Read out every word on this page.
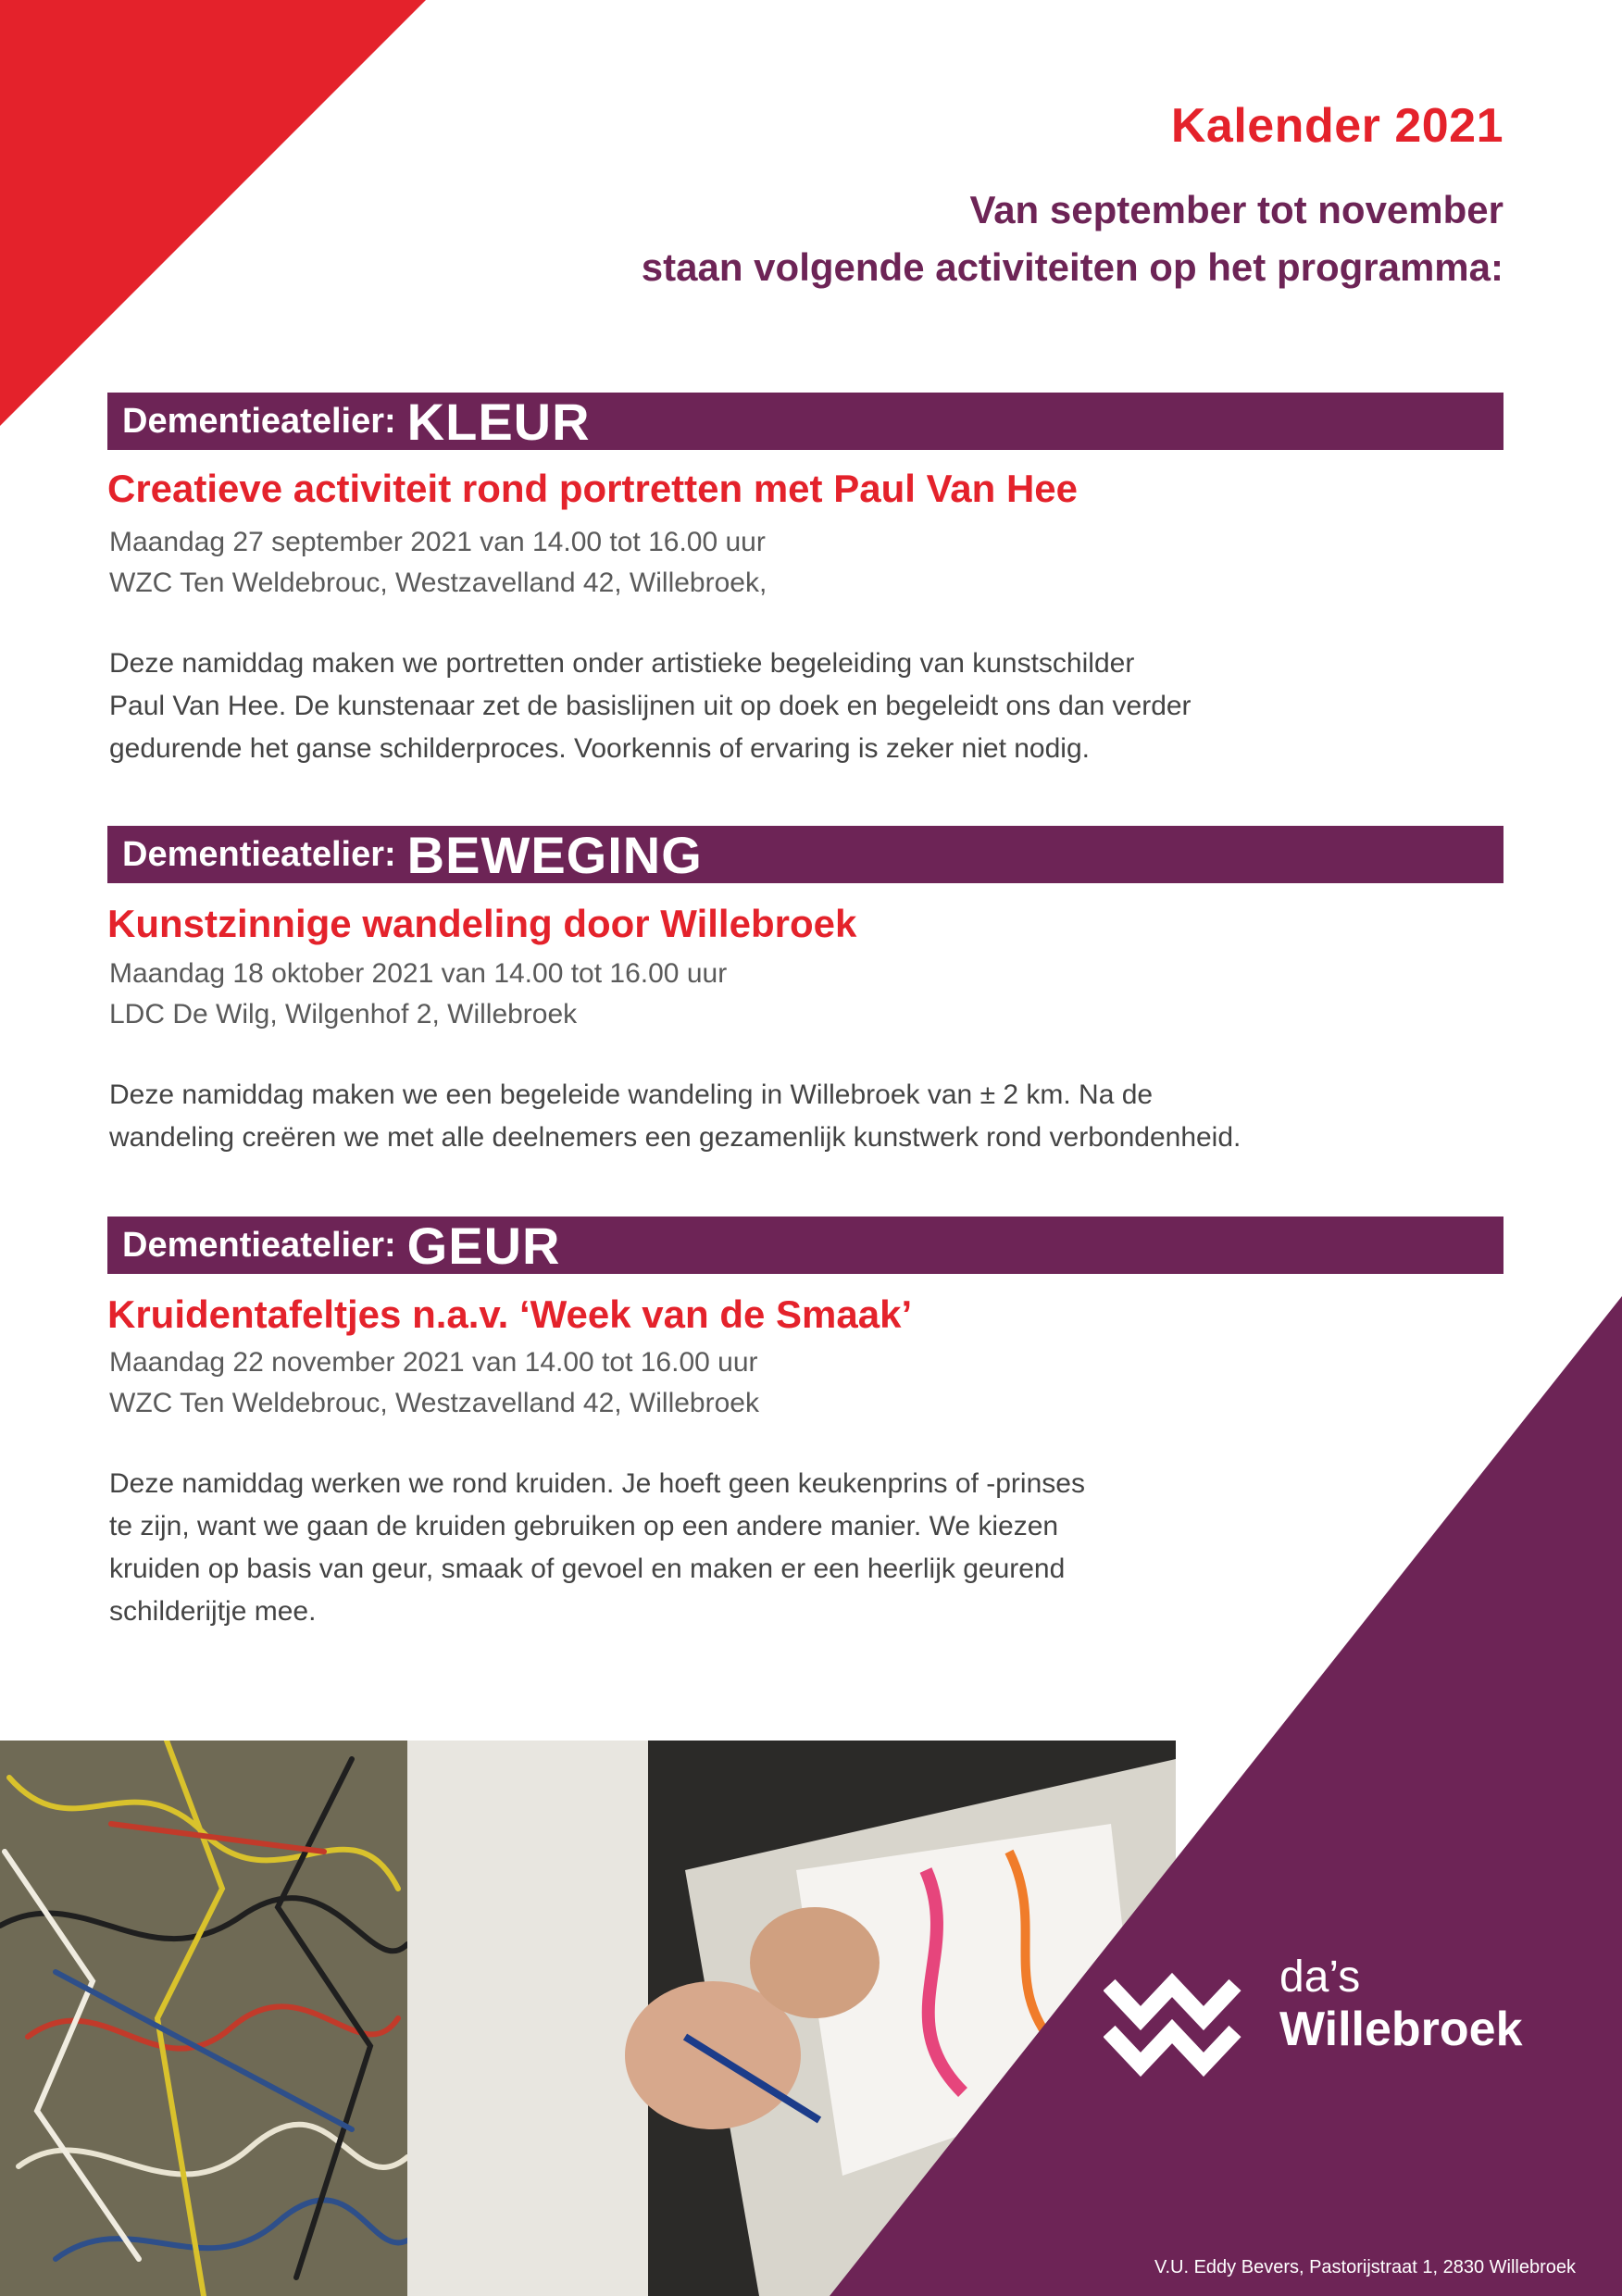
Kalender 2021
Van september tot november
staan volgende activiteiten op het programma:
Dementieatelier: KLEUR
Creatieve activiteit rond portretten met Paul Van Hee
Maandag 27 september 2021 van 14.00 tot 16.00 uur
WZC Ten Weldebrouc, Westzavelland 42, Willebroek,
Deze namiddag maken we portretten onder artistieke begeleiding van kunstschilder
Paul Van Hee. De kunstenaar zet de basislijnen uit op doek en begeleidt ons dan verder
gedurende het ganse schilderproces. Voorkennis of ervaring is zeker niet nodig.
Dementieatelier: BEWEGING
Kunstzinnige wandeling door Willebroek
Maandag 18 oktober 2021 van 14.00 tot 16.00 uur
LDC De Wilg, Wilgenhof 2, Willebroek
Deze namiddag maken we een begeleide wandeling in Willebroek van ± 2 km. Na de
wandeling creëren we met alle deelnemers een gezamenlijk kunstwerk rond verbondenheid.
Dementieatelier: GEUR
Kruidentafeltjes n.a.v. ‘Week van de Smaak’
Maandag 22 november 2021 van 14.00 tot 16.00 uur
WZC Ten Weldebrouc, Westzavelland 42, Willebroek
Deze namiddag werken we rond kruiden. Je hoeft geen keukenprins of -prinses
te zijn, want we gaan de kruiden gebruiken op een andere manier. We kiezen
kruiden op basis van geur, smaak of gevoel en maken er een heerlijk geurend
schilderijtje mee.
da’s
Willebroek
V.U. Eddy Bevers, Pastorijstraat 1, 2830 Willebroek
